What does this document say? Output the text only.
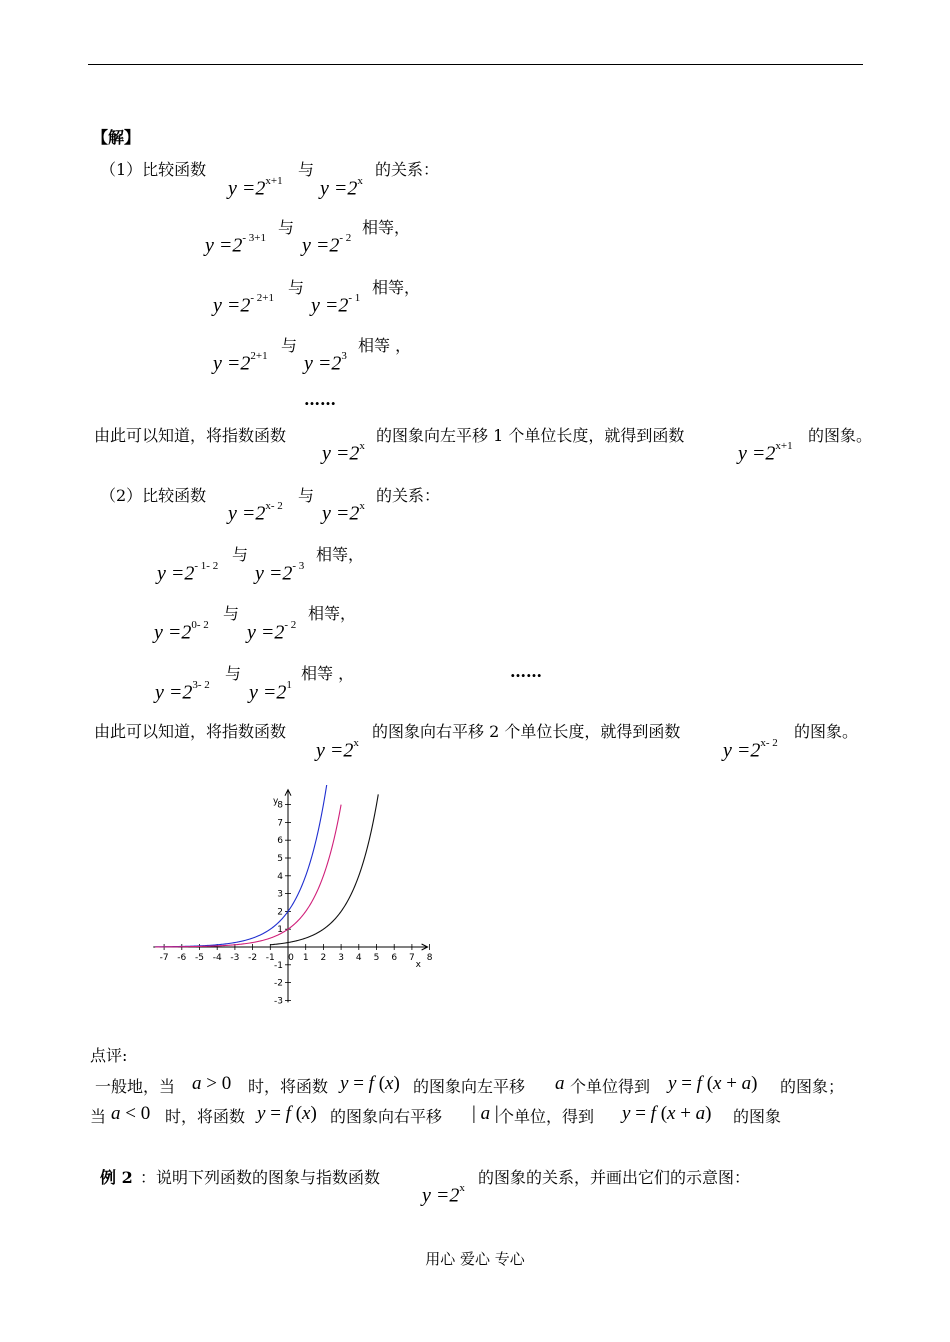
【解】
（1）比较函数
$y =2^{x+1}$
与
$y =2^x$
的关系：
$y =2^{- 3+1}$
与
$y =2^{- 2}$
相等，
$y =2^{- 2+1}$
与
$y =2^{- 1}$
相等，
$y =2^{2+1}$
与
$y =2^3$
相等 ，
……
由此可以知道，将指数函数
$y =2^x$
的图象向左平移 1 个单位长度，就得到函数
$y =2^{x+1}$
的图象。
（2）比较函数
$y =2^{x- 2}$
与
$y =2^x$
的关系：
$y =2^{- 1- 2}$
与
$y =2^{- 3}$
相等，
$y =2^{0- 2}$
与
$y =2^{- 2}$
相等，
$y =2^{3- 2}$
与
$y =2^1$
相等 ，	……
由此可以知道，将指数函数
$y =2^x$
的图象向右平移 2 个单位长度，就得到函数
$y =2^{x- 2}$
的图象。
x
y
-7 -6 -5 -4 -3 -2 -1 0 1 2 3 4 5 6 7 8
-3
-2
-1
1
2
3
4
5
6
7
8
点评:
一般地，当 a > 0 时，将函数 y = f (x) 的图象向左平移 a 个单位得到 y = f (x + a) 的图象；
当 a < 0 时，将函数 y = f (x) 的图象向右平移 | a | 个单位，得到 y = f (x + a) 的图象
例 2 ：说明下列函数的图象与指数函数
$y =2^x$
的图象的关系，并画出它们的示意图：
用心 爱心 专心
